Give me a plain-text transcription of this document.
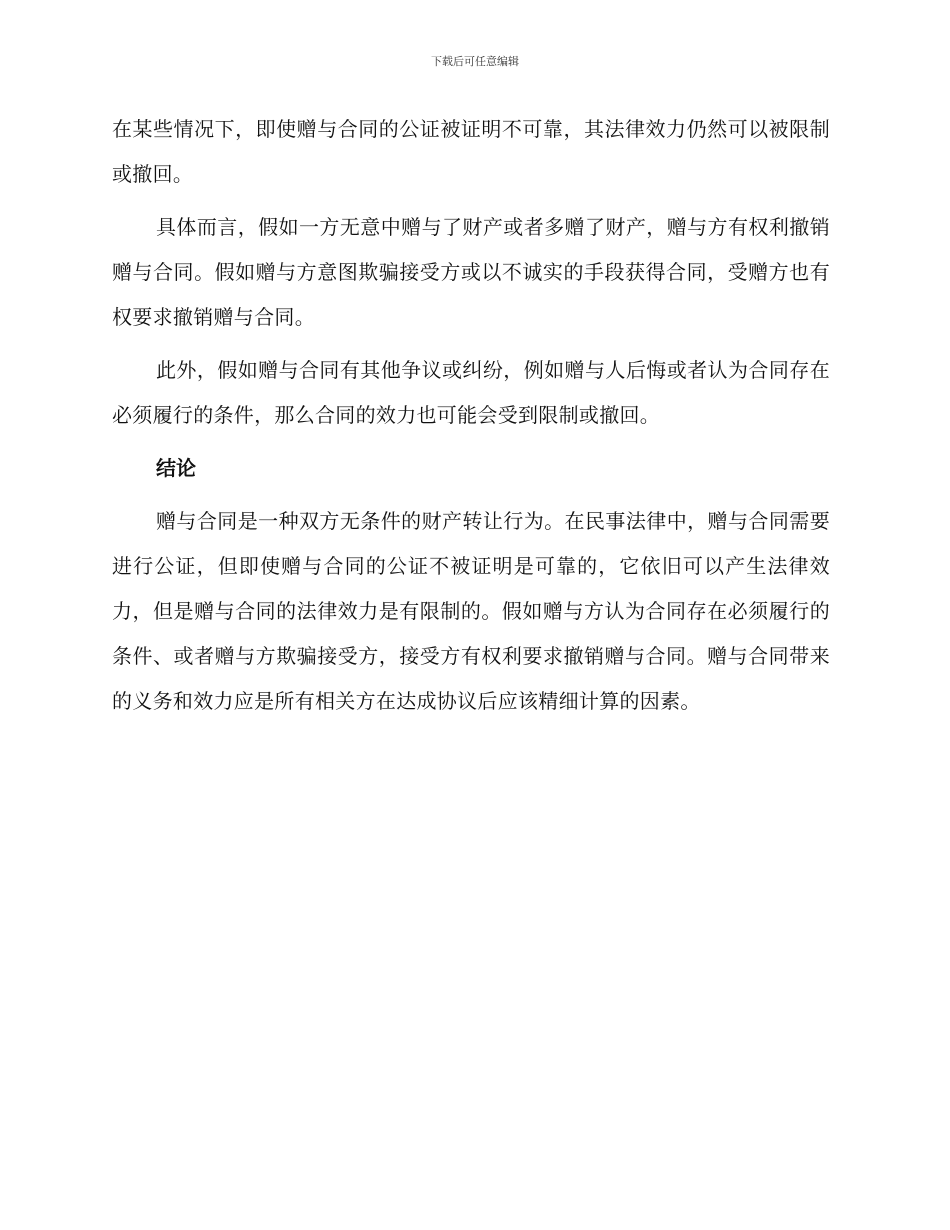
下载后可任意编辑

在某些情况下，即使赠与合同的公证被证明不可靠，其法律效力仍然可以被限制或撤回。

具体而言，假如一方无意中赠与了财产或者多赠了财产，赠与方有权利撤销赠与合同。假如赠与方意图欺骗接受方或以不诚实的手段获得合同，受赠方也有权要求撤销赠与合同。

此外，假如赠与合同有其他争议或纠纷，例如赠与人后悔或者认为合同存在必须履行的条件，那么合同的效力也可能会受到限制或撤回。

结论

赠与合同是一种双方无条件的财产转让行为。在民事法律中，赠与合同需要进行公证，但即使赠与合同的公证不被证明是可靠的，它依旧可以产生法律效力，但是赠与合同的法律效力是有限制的。假如赠与方认为合同存在必须履行的条件、或者赠与方欺骗接受方，接受方有权利要求撤销赠与合同。赠与合同带来的义务和效力应是所有相关方在达成协议后应该精细计算的因素。
